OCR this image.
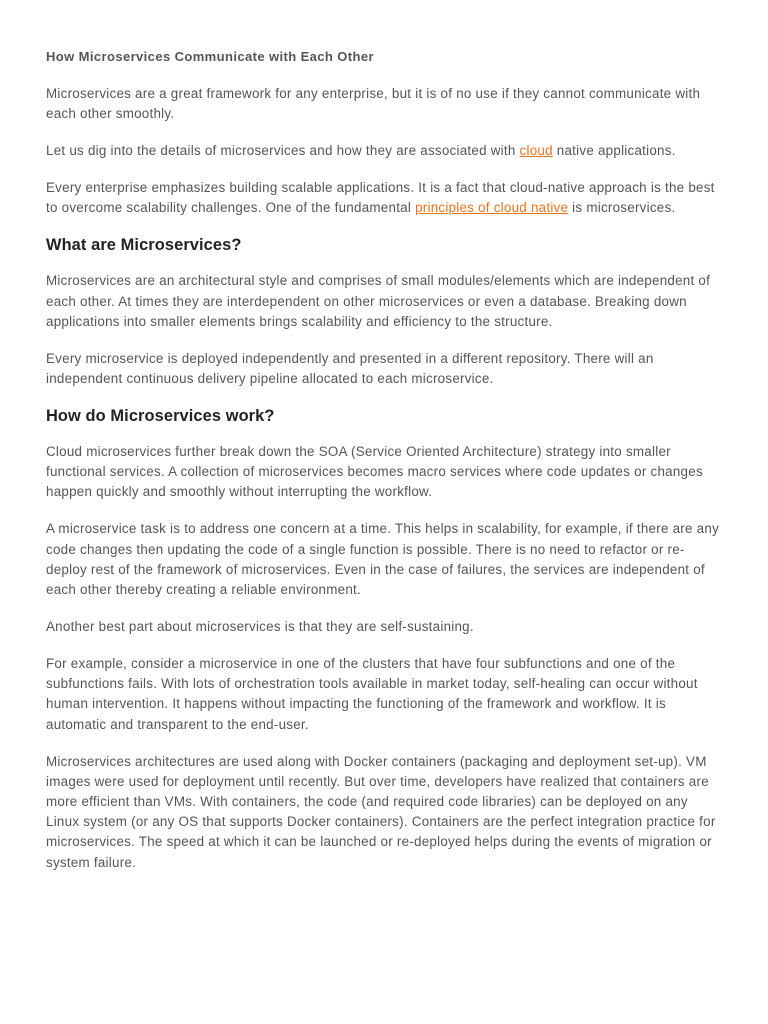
How Microservices Communicate with Each Other

Microservices are a great framework for any enterprise, but it is of no use if they cannot communicate with each other smoothly.

Let us dig into the details of microservices and how they are associated with cloud native applications.

Every enterprise emphasizes building scalable applications. It is a fact that cloud-native approach is the best to overcome scalability challenges. One of the fundamental principles of cloud native is microservices.

What are Microservices?

Microservices are an architectural style and comprises of small modules/elements which are independent of each other. At times they are interdependent on other microservices or even a database. Breaking down applications into smaller elements brings scalability and efficiency to the structure.

Every microservice is deployed independently and presented in a different repository. There will an independent continuous delivery pipeline allocated to each microservice.

How do Microservices work?

Cloud microservices further break down the SOA (Service Oriented Architecture) strategy into smaller functional services. A collection of microservices becomes macro services where code updates or changes happen quickly and smoothly without interrupting the workflow.

A microservice task is to address one concern at a time. This helps in scalability, for example, if there are any code changes then updating the code of a single function is possible. There is no need to refactor or re-deploy rest of the framework of microservices. Even in the case of failures, the services are independent of each other thereby creating a reliable environment.

Another best part about microservices is that they are self-sustaining.

For example, consider a microservice in one of the clusters that have four subfunctions and one of the subfunctions fails. With lots of orchestration tools available in market today, self-healing can occur without human intervention. It happens without impacting the functioning of the framework and workflow. It is automatic and transparent to the end-user.

Microservices architectures are used along with Docker containers (packaging and deployment set-up). VM images were used for deployment until recently. But over time, developers have realized that containers are more efficient than VMs. With containers, the code (and required code libraries) can be deployed on any Linux system (or any OS that supports Docker containers). Containers are the perfect integration practice for microservices. The speed at which it can be launched or re-deployed helps during the events of migration or system failure.
